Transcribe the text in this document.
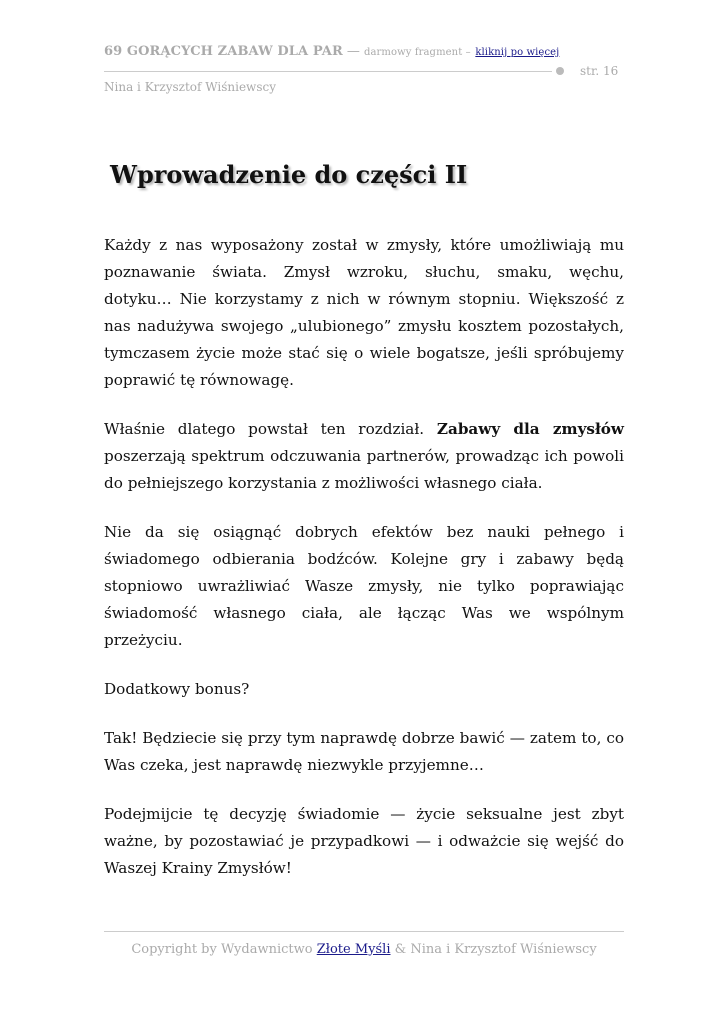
69 GORĄCYCH ZABAW DLA PAR — darmowy fragment – kliknij po więcej
str. 16
Nina i Krzysztof Wiśniewscy
Wprowadzenie do części II

Każdy z nas wyposażony został w zmysły, które umożliwiają mu poznawanie świata. Zmysł wzroku, słuchu, smaku, węchu, dotyku… Nie korzystamy z nich w równym stopniu. Większość z nas nadużywa swojego „ulubionego” zmysłu kosztem pozostałych, tymczasem życie może stać się o wiele bogatsze, jeśli spróbujemy poprawić tę równowagę.

Właśnie dlatego powstał ten rozdział. Zabawy dla zmysłów poszerzają spektrum odczuwania partnerów, prowadząc ich powoli do pełniejszego korzystania z możliwości własnego ciała.

Nie da się osiągnąć dobrych efektów bez nauki pełnego i świadomego odbierania bodźców. Kolejne gry i zabawy będą stopniowo uwrażliwiać Wasze zmysły, nie tylko poprawiając świadomość własnego ciała, ale łącząc Was we wspólnym przeżyciu.

Dodatkowy bonus?

Tak! Będziecie się przy tym naprawdę dobrze bawić — zatem to, co Was czeka, jest naprawdę niezwykle przyjemne…

Podejmijcie tę decyzję świadomie — życie seksualne jest zbyt ważne, by pozostawiać je przypadkowi — i odważcie się wejść do Waszej Krainy Zmysłów!

Copyright by Wydawnictwo Złote Myśli & Nina i Krzysztof Wiśniewscy
